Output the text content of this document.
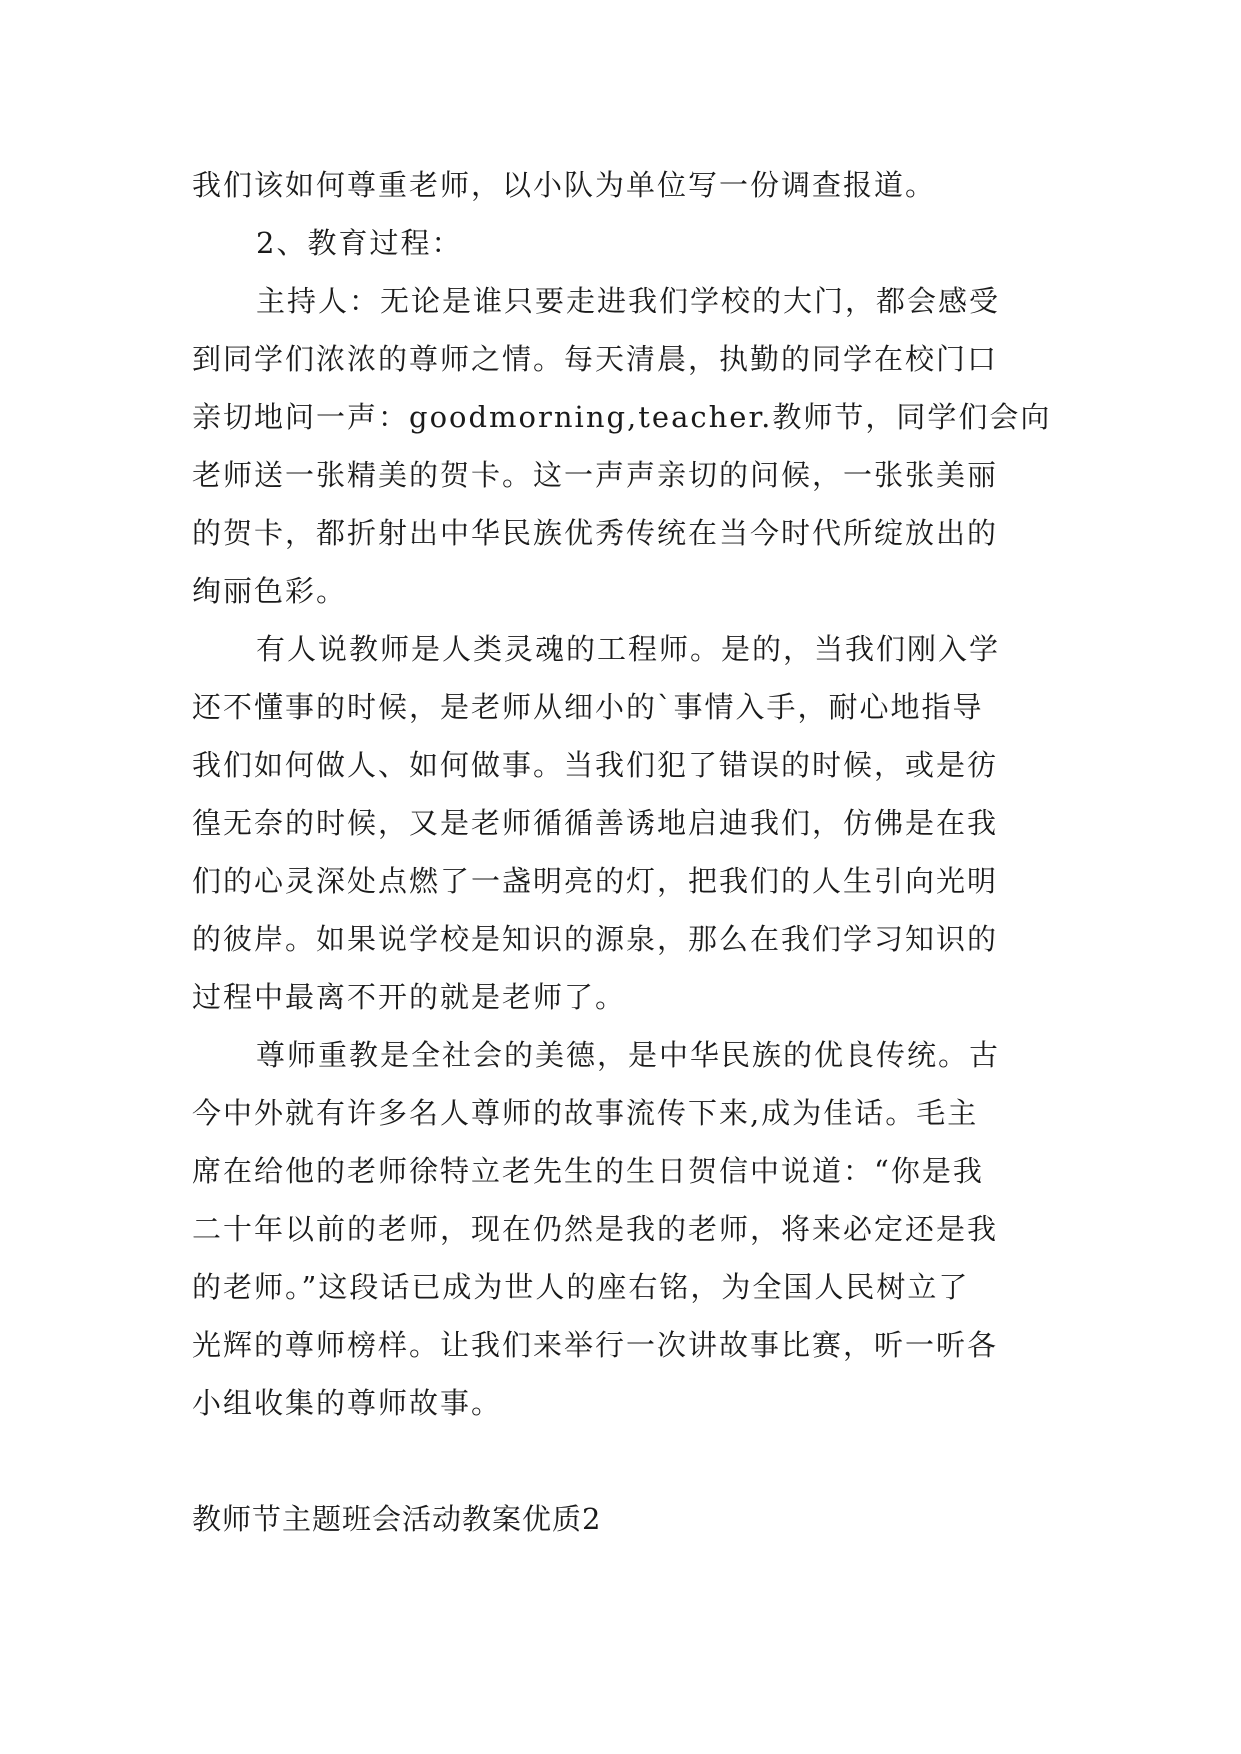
我们该如何尊重老师，以小队为单位写一份调查报道。
2、教育过程：
主持人：无论是谁只要走进我们学校的大门，都会感受
到同学们浓浓的尊师之情。每天清晨，执勤的同学在校门口
亲切地问一声：goodmorning,teacher.教师节，同学们会向
老师送一张精美的贺卡。这一声声亲切的问候，一张张美丽
的贺卡，都折射出中华民族优秀传统在当今时代所绽放出的
绚丽色彩。
有人说教师是人类灵魂的工程师。是的，当我们刚入学
还不懂事的时候，是老师从细小的`事情入手，耐心地指导
我们如何做人、如何做事。当我们犯了错误的时候，或是彷
徨无奈的时候，又是老师循循善诱地启迪我们，仿佛是在我
们的心灵深处点燃了一盏明亮的灯，把我们的人生引向光明
的彼岸。如果说学校是知识的源泉，那么在我们学习知识的
过程中最离不开的就是老师了。
尊师重教是全社会的美德，是中华民族的优良传统。古
今中外就有许多名人尊师的故事流传下来,成为佳话。毛主
席在给他的老师徐特立老先生的生日贺信中说道：“你是我
二十年以前的老师，现在仍然是我的老师，将来必定还是我
的老师。”这段话已成为世人的座右铭，为全国人民树立了
光辉的尊师榜样。让我们来举行一次讲故事比赛，听一听各
小组收集的尊师故事。
教师节主题班会活动教案优质2
